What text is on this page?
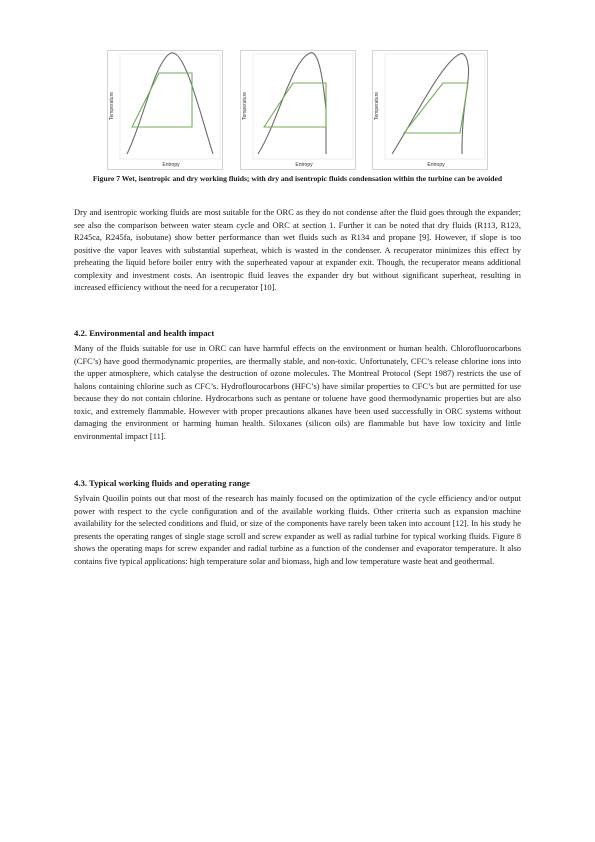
Entropy
Temperature
Entropy
Temperature
Entropy
Temperature
Figure 7 Wet, isentropic and dry working fluids; with dry and isentropic fluids condensation within the turbine can be avoided

Dry and isentropic working fluids are most suitable for the ORC as they do not condense after the fluid goes through the expander; see also the comparison between water steam cycle and ORC at section 1. Further it can be noted that dry fluids (R113, R123, R245ca, R245fa, isobutane) show better performance than wet fluids such as R134 and propane [9]. However, if slope is too positive the vapor leaves with substantial superheat, which is wasted in the condenser. A recuperator minimizes this effect by preheating the liquid before boiler entry with the superheated vapour at expander exit. Though, the recuperator means additional complexity and investment costs. An isentropic fluid leaves the expander dry but without significant superheat, resulting in increased efficiency without the need for a recuperator [10].

4.2. Environmental and health impact

Many of the fluids suitable for use in ORC can have harmful effects on the environment or human health. Chlorofluorocarbons (CFC’s) have good thermodynamic properties, are thermally stable, and non-toxic. Unfortunately, CFC’s release chlorine ions into the upper atmosphere, which catalyse the destruction of ozone molecules. The Montreal Protocol (Sept 1987) restricts the use of halons containing chlorine such as CFC’s. Hydroflourocarbons (HFC’s) have similar properties to CFC’s but are permitted for use because they do not contain chlorine. Hydrocarbons such as pentane or toluene have good thermodynamic properties but are also toxic, and extremely flammable. However with proper precautions alkanes have been used successfully in ORC systems without damaging the environment or harming human health. Siloxanes (silicon oils) are flammable but have low toxicity and little environmental impact [11].

4.3. Typical working fluids and operating range

Sylvain Quoilin points out that most of the research has mainly focused on the optimization of the cycle efficiency and/or output power with respect to the cycle configuration and of the available working fluids. Other criteria such as expansion machine availability for the selected conditions and fluid, or size of the components have rarely been taken into account [12]. In his study he presents the operating ranges of single stage scroll and screw expander as well as radial turbine for typical working fluids. Figure 8 shows the operating maps for screw expander and radial turbine as a function of the condenser and evaporator temperature. It also contains five typical applications: high temperature solar and biomass, high and low temperature waste heat and geothermal.
